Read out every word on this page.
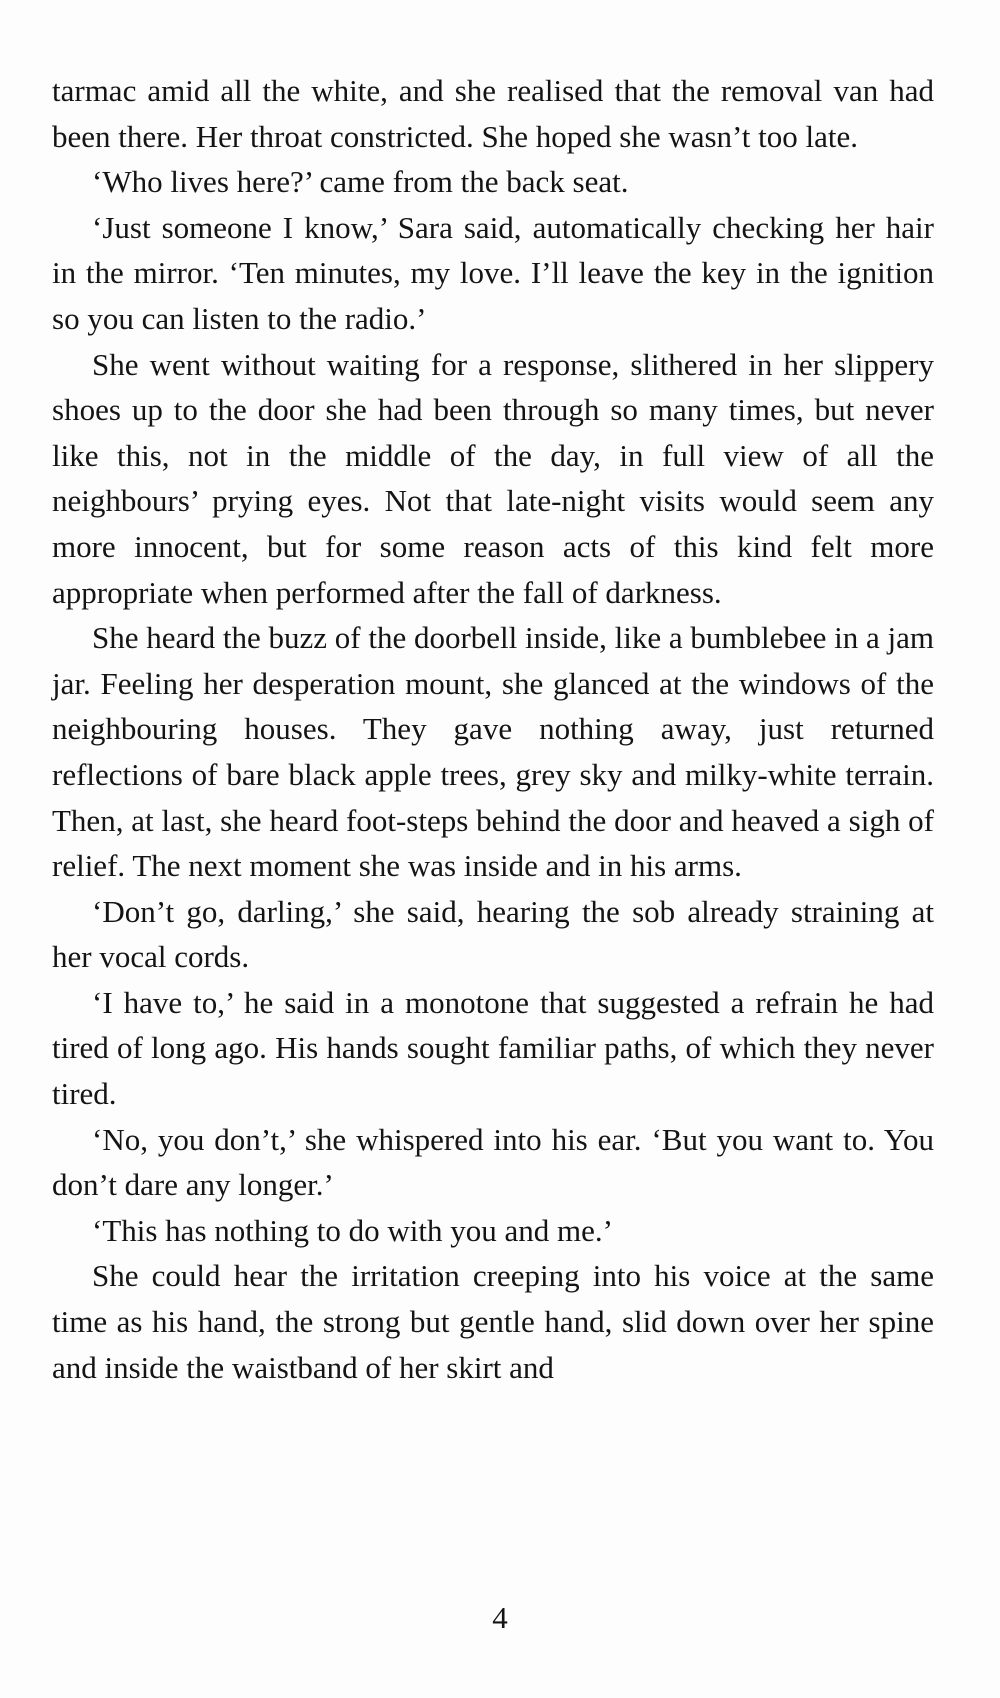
tarmac amid all the white, and she realised that the removal van had been there. Her throat constricted. She hoped she wasn’t too late.

‘Who lives here?’ came from the back seat.

‘Just someone I know,’ Sara said, automatically checking her hair in the mirror. ‘Ten minutes, my love. I’ll leave the key in the ignition so you can listen to the radio.’

She went without waiting for a response, slithered in her slippery shoes up to the door she had been through so many times, but never like this, not in the middle of the day, in full view of all the neighbours’ prying eyes. Not that late-night visits would seem any more innocent, but for some reason acts of this kind felt more appropriate when performed after the fall of darkness.

She heard the buzz of the doorbell inside, like a bumblebee in a jam jar. Feeling her desperation mount, she glanced at the windows of the neighbouring houses. They gave nothing away, just returned reflections of bare black apple trees, grey sky and milky-white terrain. Then, at last, she heard foot-steps behind the door and heaved a sigh of relief. The next moment she was inside and in his arms.

‘Don’t go, darling,’ she said, hearing the sob already straining at her vocal cords.

‘I have to,’ he said in a monotone that suggested a refrain he had tired of long ago. His hands sought familiar paths, of which they never tired.

‘No, you don’t,’ she whispered into his ear. ‘But you want to. You don’t dare any longer.’

‘This has nothing to do with you and me.’

She could hear the irritation creeping into his voice at the same time as his hand, the strong but gentle hand, slid down over her spine and inside the waistband of her skirt and

4
